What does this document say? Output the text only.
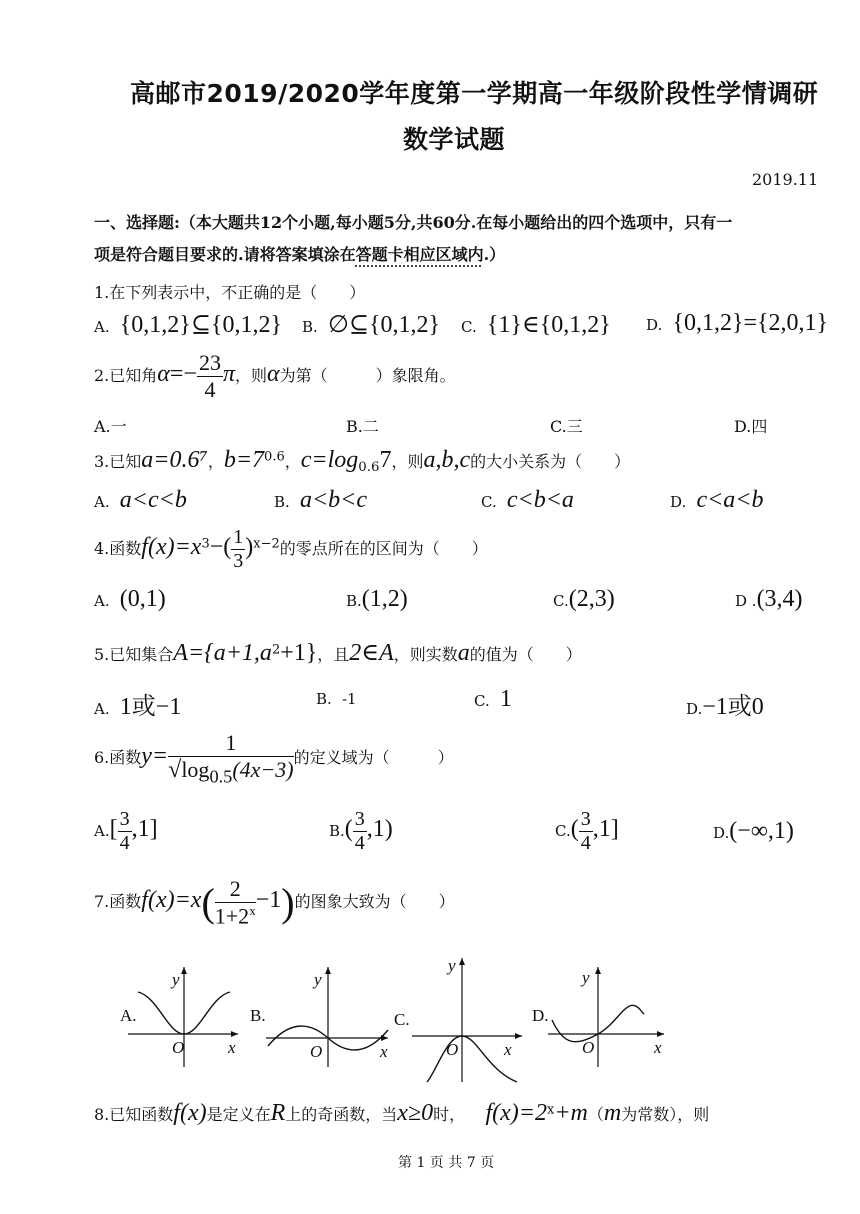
高邮市2019/2020学年度第一学期高一年级阶段性学情调研
数学试题
2019.11
一、选择题:（本大题共12个小题,每小题5分,共60分.在每小题给出的四个选项中，只有一
项是符合题目要求的.请将答案填涂在答题卡相应区域内.）
1.在下列表示中，不正确的是（　　）
A. {0,1,2}⊆{0,1,2} B. ∅⊆{0,1,2} C. {1}∈{0,1,2} D. {0,1,2}={2,0,1}
2.已知角$\alpha=- \frac{23}{4}$ π，则α为第（　　　）象限角。
A.一	B.二	C.三	D.四
3.已知a=0.6⁷，$b=7^{0.6}$，$c=\log_{0.6}7$，则a,b,c的大小关系为（　　）
A. a<c<b	B. a<b<c	C. c<b<a	D. c<a<b
4.函数$f(x)=x^3-( \frac{1}{3} )^{x-2}$的零点所在的区间为（　　）
A. (0,1)	B.(1,2)	C.(2,3)	D .(3,4)
5.已知集合$A=\{a+1,a^2+1\}$，且2∈A，则实数a的值为（　　）
A. 1或−1	B. -1	C. 1	D.−1或0
6.函数$y= \frac{1}{√\log_{0.5}(4x-3)}$ 的定义域为（　　　）
$A.[ \frac{3}{4} ,1]$	$B.( \frac{3}{4} ,1)$	$C.( \frac{3}{4} ,1]$	D.(−∞,1)
7.函数$f(x)=x( \frac{2}{1+2^x} -1)$的图象大致为（　　）
A.
y
O	x
B.
y
O	x
C.
y
O	x
D.
y
O	x
8.已知函数f(x)是定义在R上的奇函数，当x≥0时， $f(x)=2^x+m(m$为常数），则
第 1 页 共 7 页
